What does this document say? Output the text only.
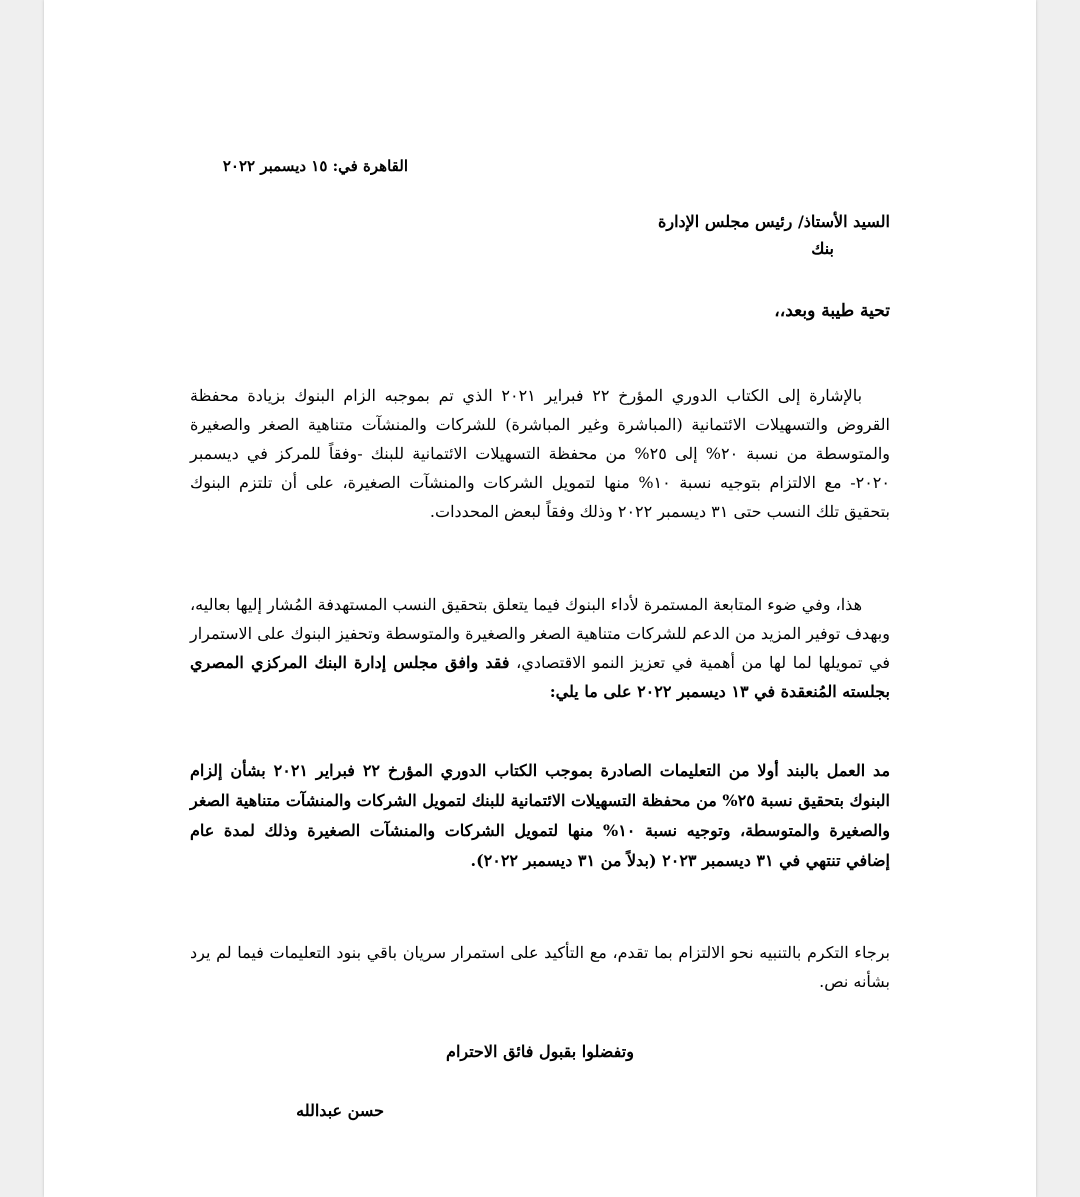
القاهرة في: ١٥ ديسمبر ٢٠٢٢

السيد الأستاذ/ رئيس مجلس الإدارة
بنك

تحية طيبة وبعد،،

بالإشارة إلى الكتاب الدوري المؤرخ ٢٢ فبراير ٢٠٢١ الذي تم بموجبه الزام البنوك بزيادة محفظة القروض والتسهيلات الائتمانية (المباشرة وغير المباشرة) للشركات والمنشآت متناهية الصغر والصغيرة والمتوسطة من نسبة ٢٠% إلى ٢٥% من محفظة التسهيلات الائتمانية للبنك -وفقاً للمركز في ديسمبر ٢٠٢٠- مع الالتزام بتوجيه نسبة ١٠% منها لتمويل الشركات والمنشآت الصغيرة، على أن تلتزم البنوك بتحقيق تلك النسب حتى ٣١ ديسمبر ٢٠٢٢ وذلك وفقاً لبعض المحددات.

هذا، وفي ضوء المتابعة المستمرة لأداء البنوك فيما يتعلق بتحقيق النسب المستهدفة المُشار إليها بعاليه، وبهدف توفير المزيد من الدعم للشركات متناهية الصغر والصغيرة والمتوسطة وتحفيز البنوك على الاستمرار في تمويلها لما لها من أهمية في تعزيز النمو الاقتصادي، فقد وافق مجلس إدارة البنك المركزي المصري بجلسته المُنعقدة في ١٣ ديسمبر ٢٠٢٢ على ما يلي:

مد العمل بالبند أولا من التعليمات الصادرة بموجب الكتاب الدوري المؤرخ ٢٢ فبراير ٢٠٢١ بشأن إلزام البنوك بتحقيق نسبة ٢٥% من محفظة التسهيلات الائتمانية للبنك لتمويل الشركات والمنشآت متناهية الصغر والصغيرة والمتوسطة، وتوجيه نسبة ١٠% منها لتمويل الشركات والمنشآت الصغيرة وذلك لمدة عام إضافي تنتهي في ٣١ ديسمبر ٢٠٢٣ (بدلاً من ٣١ ديسمبر ٢٠٢٢).

برجاء التكرم بالتنبيه نحو الالتزام بما تقدم، مع التأكيد على استمرار سريان باقي بنود التعليمات فيما لم يرد بشأنه نص.

وتفضلوا بقبول فائق الاحترام

حسن عبدالله
